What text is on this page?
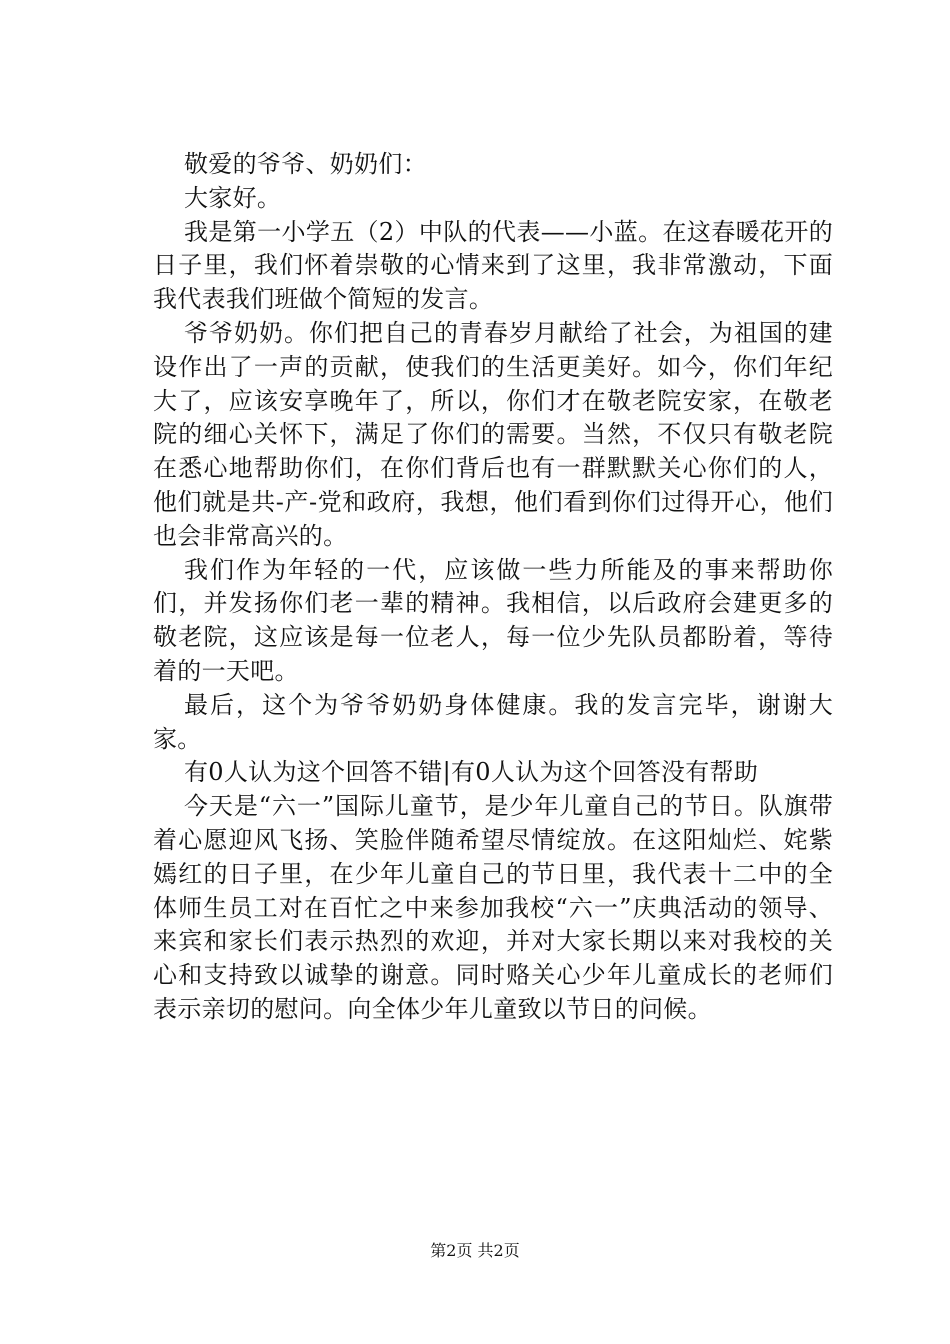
敬爱的爷爷、奶奶们：

大家好。

我是第一小学五（2）中队的代表——小蓝。在这春暖花开的日子里，我们怀着崇敬的心情来到了这里，我非常激动，下面我代表我们班做个简短的发言。

爷爷奶奶。你们把自己的青春岁月献给了社会，为祖国的建设作出了一声的贡献，使我们的生活更美好。如今，你们年纪大了，应该安享晚年了，所以，你们才在敬老院安家，在敬老院的细心关怀下，满足了你们的需要。当然，不仅只有敬老院在悉心地帮助你们，在你们背后也有一群默默关心你们的人，他们就是共-产-党和政府，我想，他们看到你们过得开心，他们也会非常高兴的。

我们作为年轻的一代，应该做一些力所能及的事来帮助你们，并发扬你们老一辈的精神。我相信，以后政府会建更多的敬老院，这应该是每一位老人，每一位少先队员都盼着，等待着的一天吧。

最后，这个为爷爷奶奶身体健康。我的发言完毕，谢谢大家。

有0人认为这个回答不错|有0人认为这个回答没有帮助

今天是“六一”国际儿童节，是少年儿童自己的节日。队旗带着心愿迎风飞扬、笑脸伴随希望尽情绽放。在这阳灿烂、姹紫嫣红的日子里，在少年儿童自己的节日里，我代表十二中的全体师生员工对在百忙之中来参加我校“六一”庆典活动的领导、来宾和家长们表示热烈的欢迎，并对大家长期以来对我校的关心和支持致以诚挚的谢意。同时赂关心少年儿童成长的老师们表示亲切的慰问。向全体少年儿童致以节日的问候。

第2页 共2页
